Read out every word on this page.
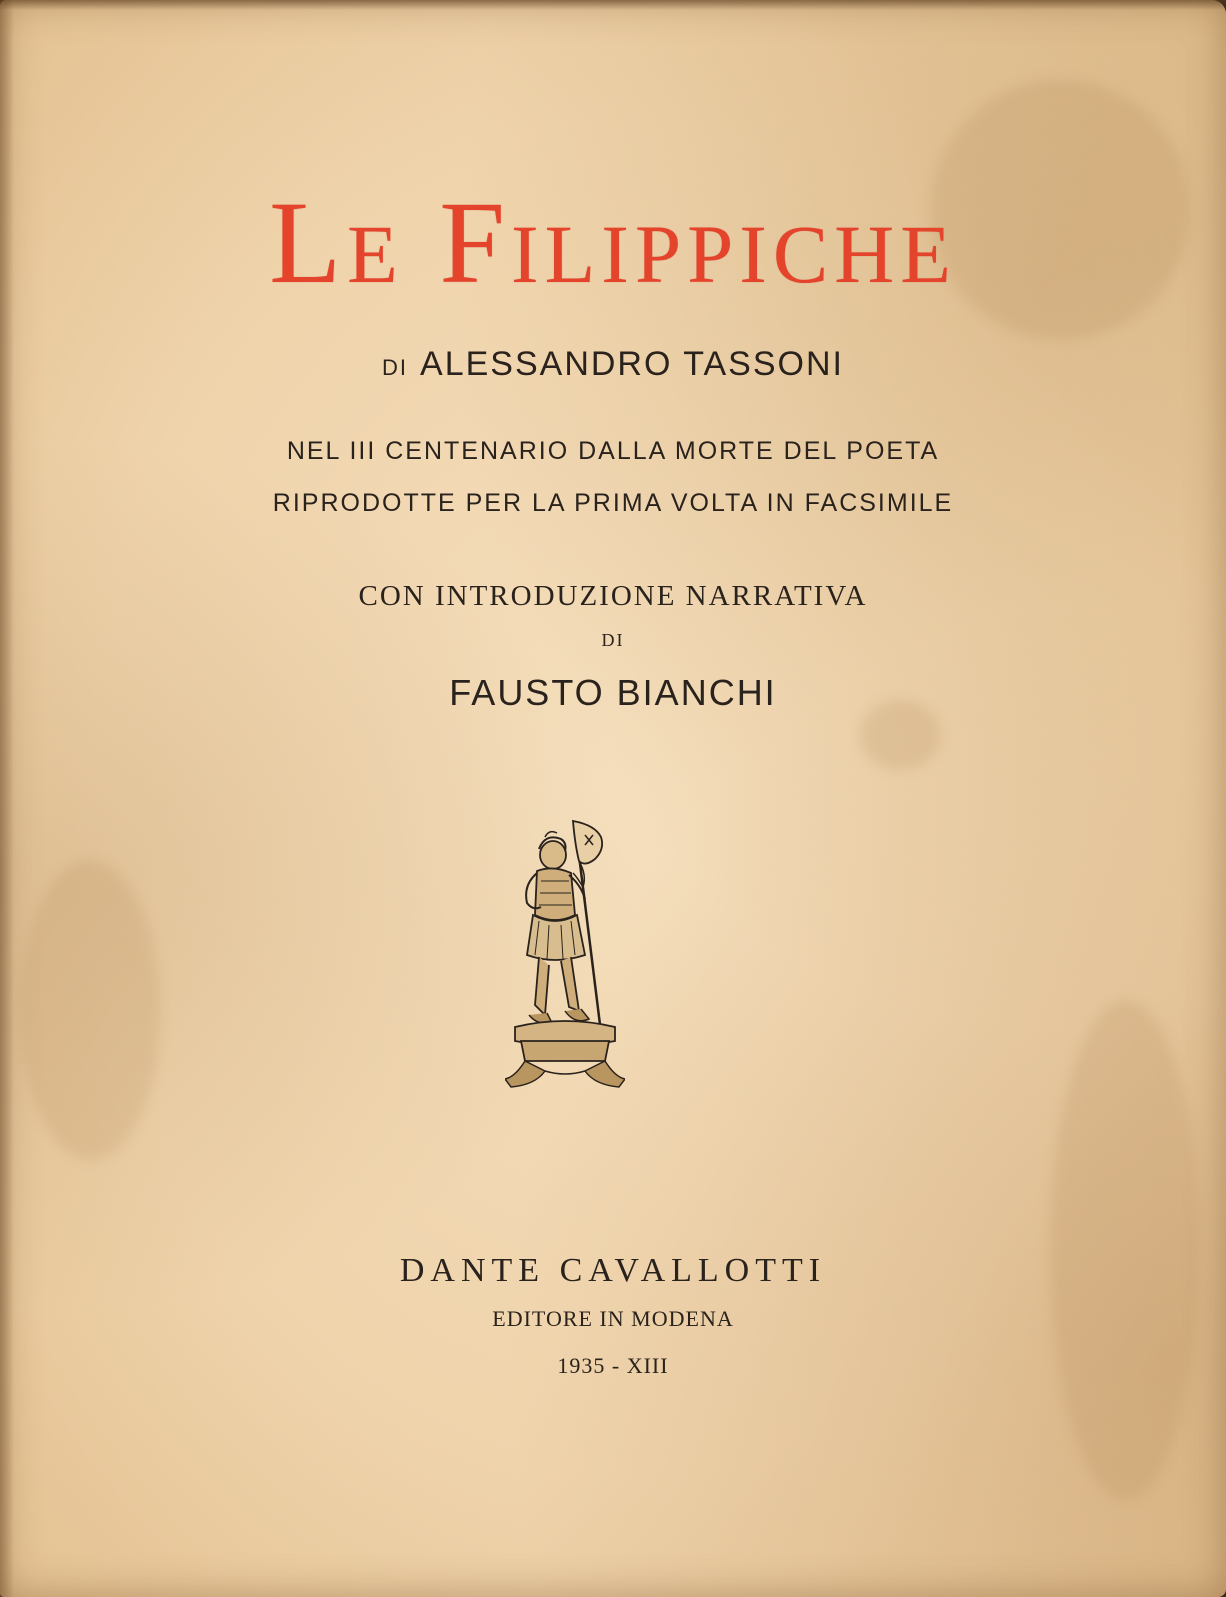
Le Filippiche
DI ALESSANDRO TASSONI
NEL III CENTENARIO DALLA MORTE DEL POETA
RIPRODOTTE PER LA PRIMA VOLTA IN FACSIMILE
CON INTRODUZIONE NARRATIVA
DI
FAUSTO BIANCHI
DANTE CAVALLOTTI
EDITORE IN MODENA
1935 - XIII
